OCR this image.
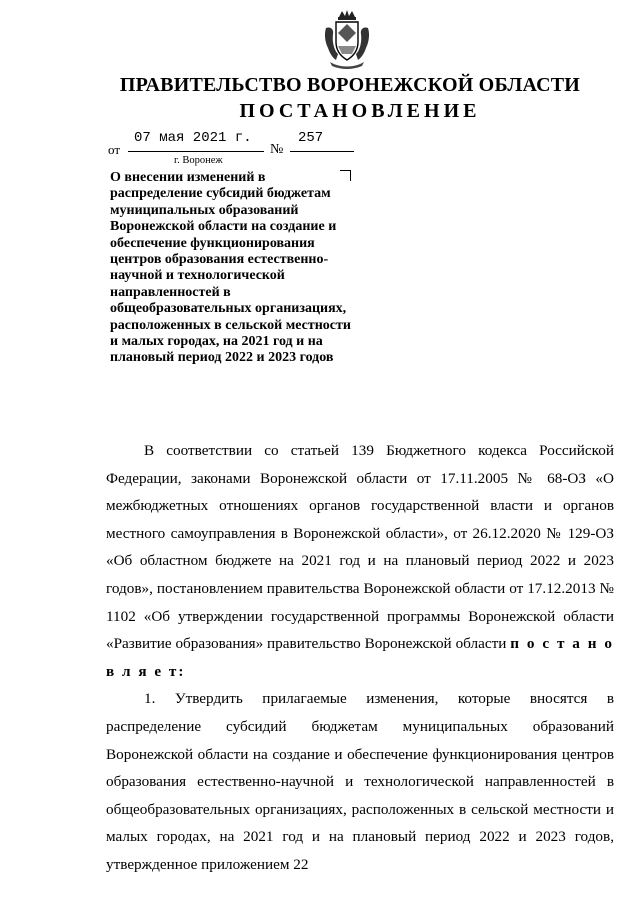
ПРАВИТЕЛЬСТВО ВОРОНЕЖСКОЙ ОБЛАСТИ
ПОСТАНОВЛЕНИЕ
от
07 мая 2021 г.
№
257
г. Воронеж
О внесении изменений в распределение субсидий бюджетам муниципальных образований Воронежской области на создание и обеспечение функционирования центров образования естественно-научной и технологической направленностей в общеобразовательных организациях, расположенных в сельской местности и малых городах, на 2021 год и на плановый период 2022 и 2023 годов

В соответствии со статьей 139 Бюджетного кодекса Российской Федерации, законами Воронежской области от 17.11.2005 № 68-ОЗ «О межбюджетных отношениях органов государственной власти и органов местного самоуправления в Воронежской области», от 26.12.2020 № 129-ОЗ «Об областном бюджете на 2021 год и на плановый период 2022 и 2023 годов», постановлением правительства Воронежской области от 17.12.2013 № 1102 «Об утверждении государственной программы Воронежской области «Развитие образования» правительство Воронежской области п о с т а н о в л я е т:

1. Утвердить прилагаемые изменения, которые вносятся в распределение субсидий бюджетам муниципальных образований Воронежской области на создание и обеспечение функционирования центров образования естественно-научной и технологической направленностей в общеобразовательных организациях, расположенных в сельской местности и малых городах, на 2021 год и на плановый период 2022 и 2023 годов, утвержденное приложением 22
